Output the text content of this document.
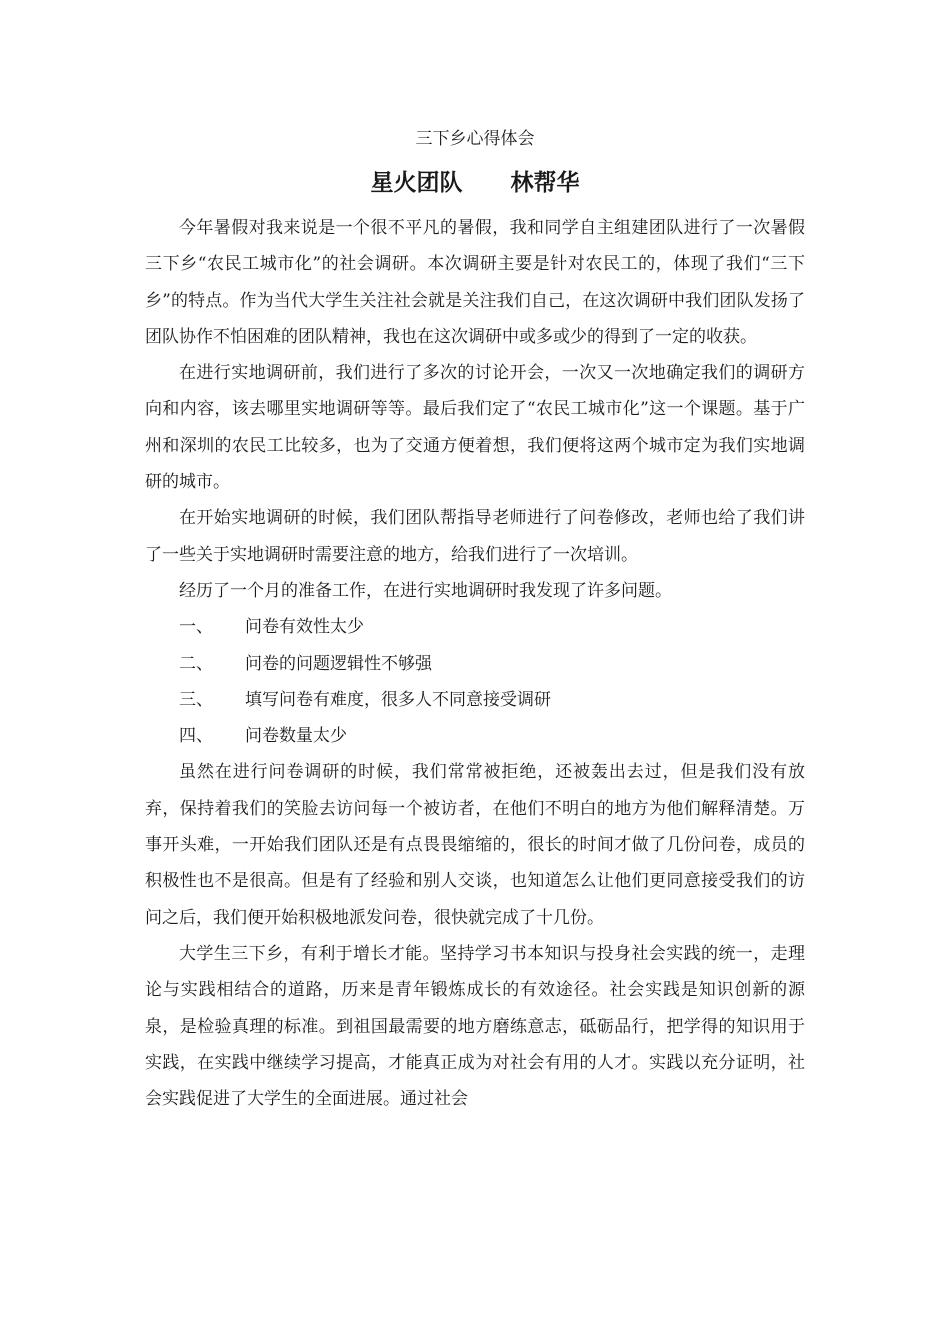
三下乡心得体会

星火团队      林帮华

今年暑假对我来说是一个很不平凡的暑假，我和同学自主组建团队进行了一次暑假三下乡“农民工城市化”的社会调研。本次调研主要是针对农民工的，体现了我们“三下乡”的特点。作为当代大学生关注社会就是关注我们自己，在这次调研中我们团队发扬了团队协作不怕困难的团队精神，我也在这次调研中或多或少的得到了一定的收获。

在进行实地调研前，我们进行了多次的讨论开会，一次又一次地确定我们的调研方向和内容，该去哪里实地调研等等。最后我们定了“农民工城市化”这一个课题。基于广州和深圳的农民工比较多，也为了交通方便着想，我们便将这两个城市定为我们实地调研的城市。

在开始实地调研的时候，我们团队帮指导老师进行了问卷修改，老师也给了我们讲了一些关于实地调研时需要注意的地方，给我们进行了一次培训。

经历了一个月的准备工作，在进行实地调研时我发现了许多问题。

一、 问卷有效性太少

二、 问卷的问题逻辑性不够强

三、 填写问卷有难度，很多人不同意接受调研

四、 问卷数量太少

虽然在进行问卷调研的时候，我们常常被拒绝，还被轰出去过，但是我们没有放弃，保持着我们的笑脸去访问每一个被访者，在他们不明白的地方为他们解释清楚。万事开头难，一开始我们团队还是有点畏畏缩缩的，很长的时间才做了几份问卷，成员的积极性也不是很高。但是有了经验和别人交谈，也知道怎么让他们更同意接受我们的访问之后，我们便开始积极地派发问卷，很快就完成了十几份。

大学生三下乡，有利于增长才能。坚持学习书本知识与投身社会实践的统一，走理论与实践相结合的道路，历来是青年锻炼成长的有效途径。社会实践是知识创新的源泉，是检验真理的标准。到祖国最需要的地方磨练意志，砥砺品行，把学得的知识用于实践，在实践中继续学习提高，才能真正成为对社会有用的人才。实践以充分证明，社会实践促进了大学生的全面进展。通过社会
